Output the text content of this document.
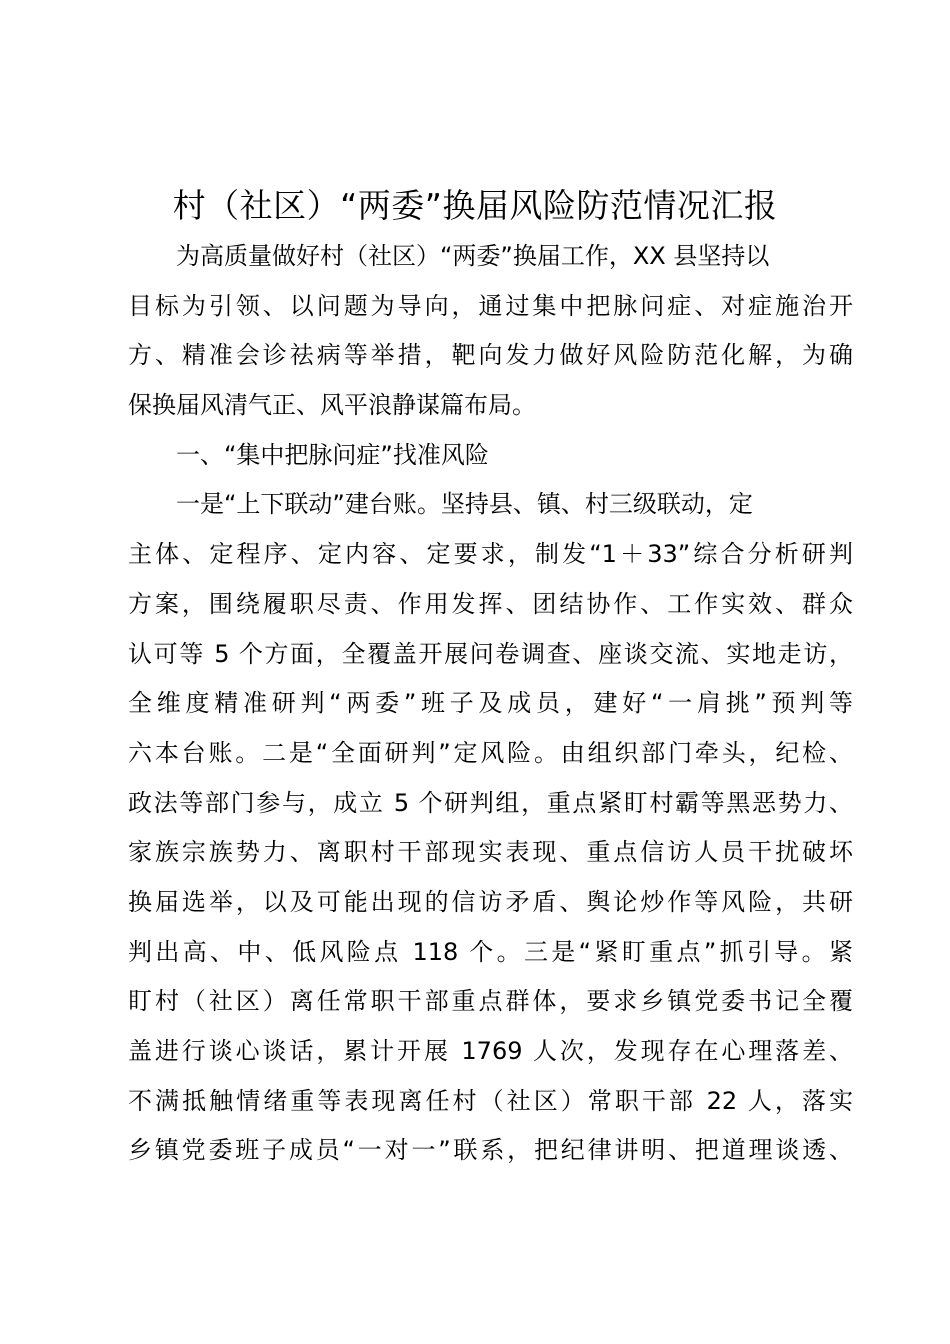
村（社区）“两委”换届风险防范情况汇报
为高质量做好村（社区）“两委”换届工作，XX 县坚持以
目标为引领、以问题为导向，通过集中把脉问症、对症施治开
方、精准会诊祛病等举措，靶向发力做好风险防范化解，为确
保换届风清气正、风平浪静谋篇布局。
一、“集中把脉问症”找准风险
一是“上下联动”建台账。坚持县、镇、村三级联动，定
主体、定程序、定内容、定要求，制发“1＋33”综合分析研判
方案，围绕履职尽责、作用发挥、团结协作、工作实效、群众
认可等 5 个方面，全覆盖开展问卷调查、座谈交流、实地走访，
全维度精准研判“两委”班子及成员，建好“一肩挑”预判等
六本台账。二是“全面研判”定风险。由组织部门牵头，纪检、
政法等部门参与，成立 5 个研判组，重点紧盯村霸等黑恶势力、
家族宗族势力、离职村干部现实表现、重点信访人员干扰破坏
换届选举，以及可能出现的信访矛盾、舆论炒作等风险，共研
判出高、中、低风险点 118 个。三是“紧盯重点”抓引导。紧
盯村（社区）离任常职干部重点群体，要求乡镇党委书记全覆
盖进行谈心谈话，累计开展 1769 人次，发现存在心理落差、
不满抵触情绪重等表现离任村（社区）常职干部 22 人，落实
乡镇党委班子成员“一对一”联系，把纪律讲明、把道理谈透、
